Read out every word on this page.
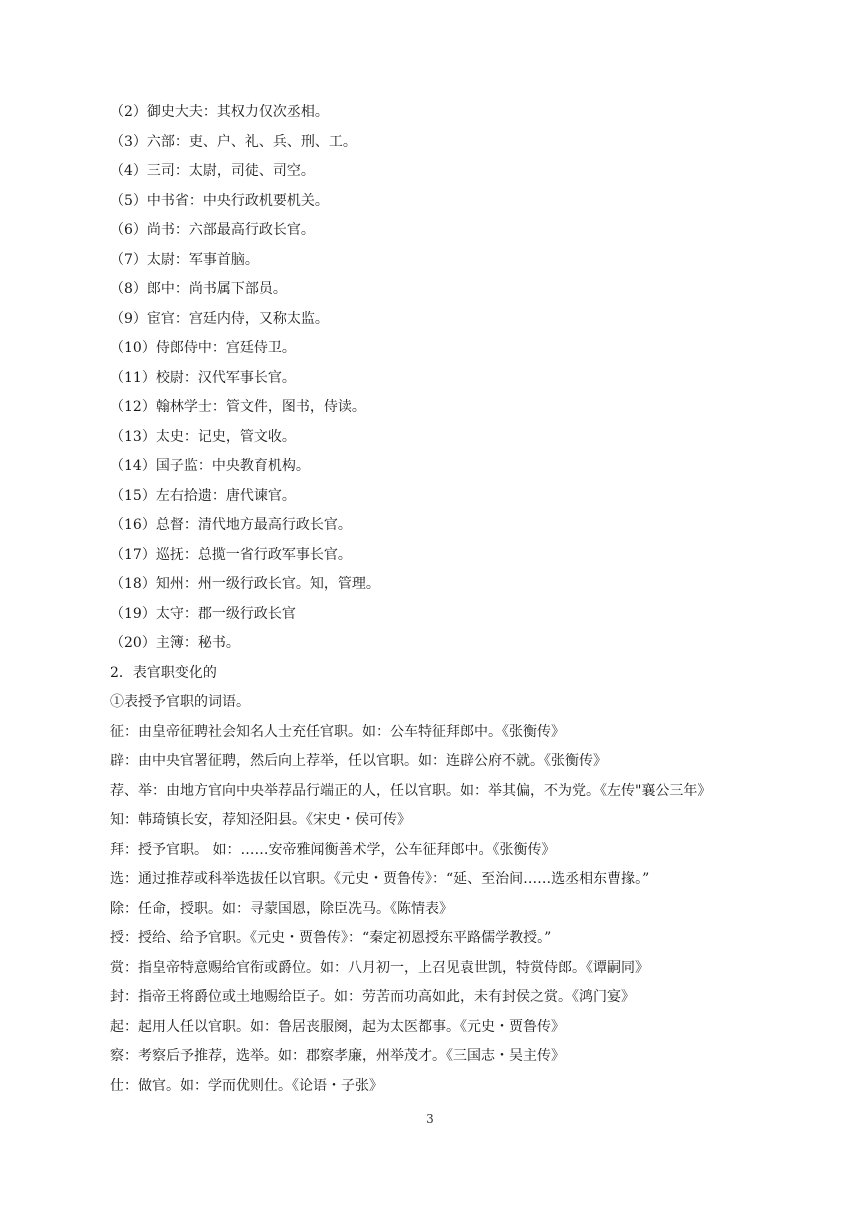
（2）御史大夫：其权力仅次丞相。
（3）六部：吏、户、礼、兵、刑、工。
（4）三司：太尉，司徒、司空。
（5）中书省：中央行政机要机关。
（6）尚书：六部最高行政长官。
（7）太尉：军事首脑。
（8）郎中：尚书属下部员。
（9）宦官：宫廷内侍，又称太监。
（10）侍郎侍中：宫廷侍卫。
（11）校尉：汉代军事长官。
（12）翰林学士：管文件，图书，侍读。
（13）太史：记史，管文收。
（14）国子监：中央教育机构。
（15）左右拾遗：唐代谏官。
（16）总督：清代地方最高行政长官。
（17）巡抚：总揽一省行政军事长官。
（18）知州：州一级行政长官。知，管理。
（19）太守：郡一级行政长官
（20）主簿：秘书。
2．表官职变化的
①表授予官职的词语。
征：由皇帝征聘社会知名人士充任官职。如：公车特征拜郎中。《张衡传》
辟：由中央官署征聘，然后向上荐举，任以官职。如：连辟公府不就。《张衡传》
荐、举：由地方官向中央举荐品行端正的人，任以官职。如：举其偏，不为党。《左传"襄公三年》
知：韩琦镇长安，荐知泾阳县。《宋史・侯可传》
拜：授予官职。 如：……安帝雅闻衡善术学，公车征拜郎中。《张衡传》
选：通过推荐或科举选拔任以官职。《元史・贾鲁传》：“延、至治间……选丞相东曹掾。”
除：任命，授职。如：寻蒙国恩，除臣冼马。《陈情表》
授：授给、给予官职。《元史・贾鲁传》：“秦定初恩授东平路儒学教授。”
赏：指皇帝特意赐给官衔或爵位。如：八月初一，上召见袁世凯，特赏侍郎。《谭嗣同》
封：指帝王将爵位或土地赐给臣子。如：劳苦而功高如此，未有封侯之赏。《鸿门宴》
起：起用人任以官职。如：鲁居丧服阕，起为太医都事。《元史・贾鲁传》
察：考察后予推荐，选举。如：郡察孝廉，州举茂才。《三国志・吴主传》
仕：做官。如：学而优则仕。《论语・子张》
3
